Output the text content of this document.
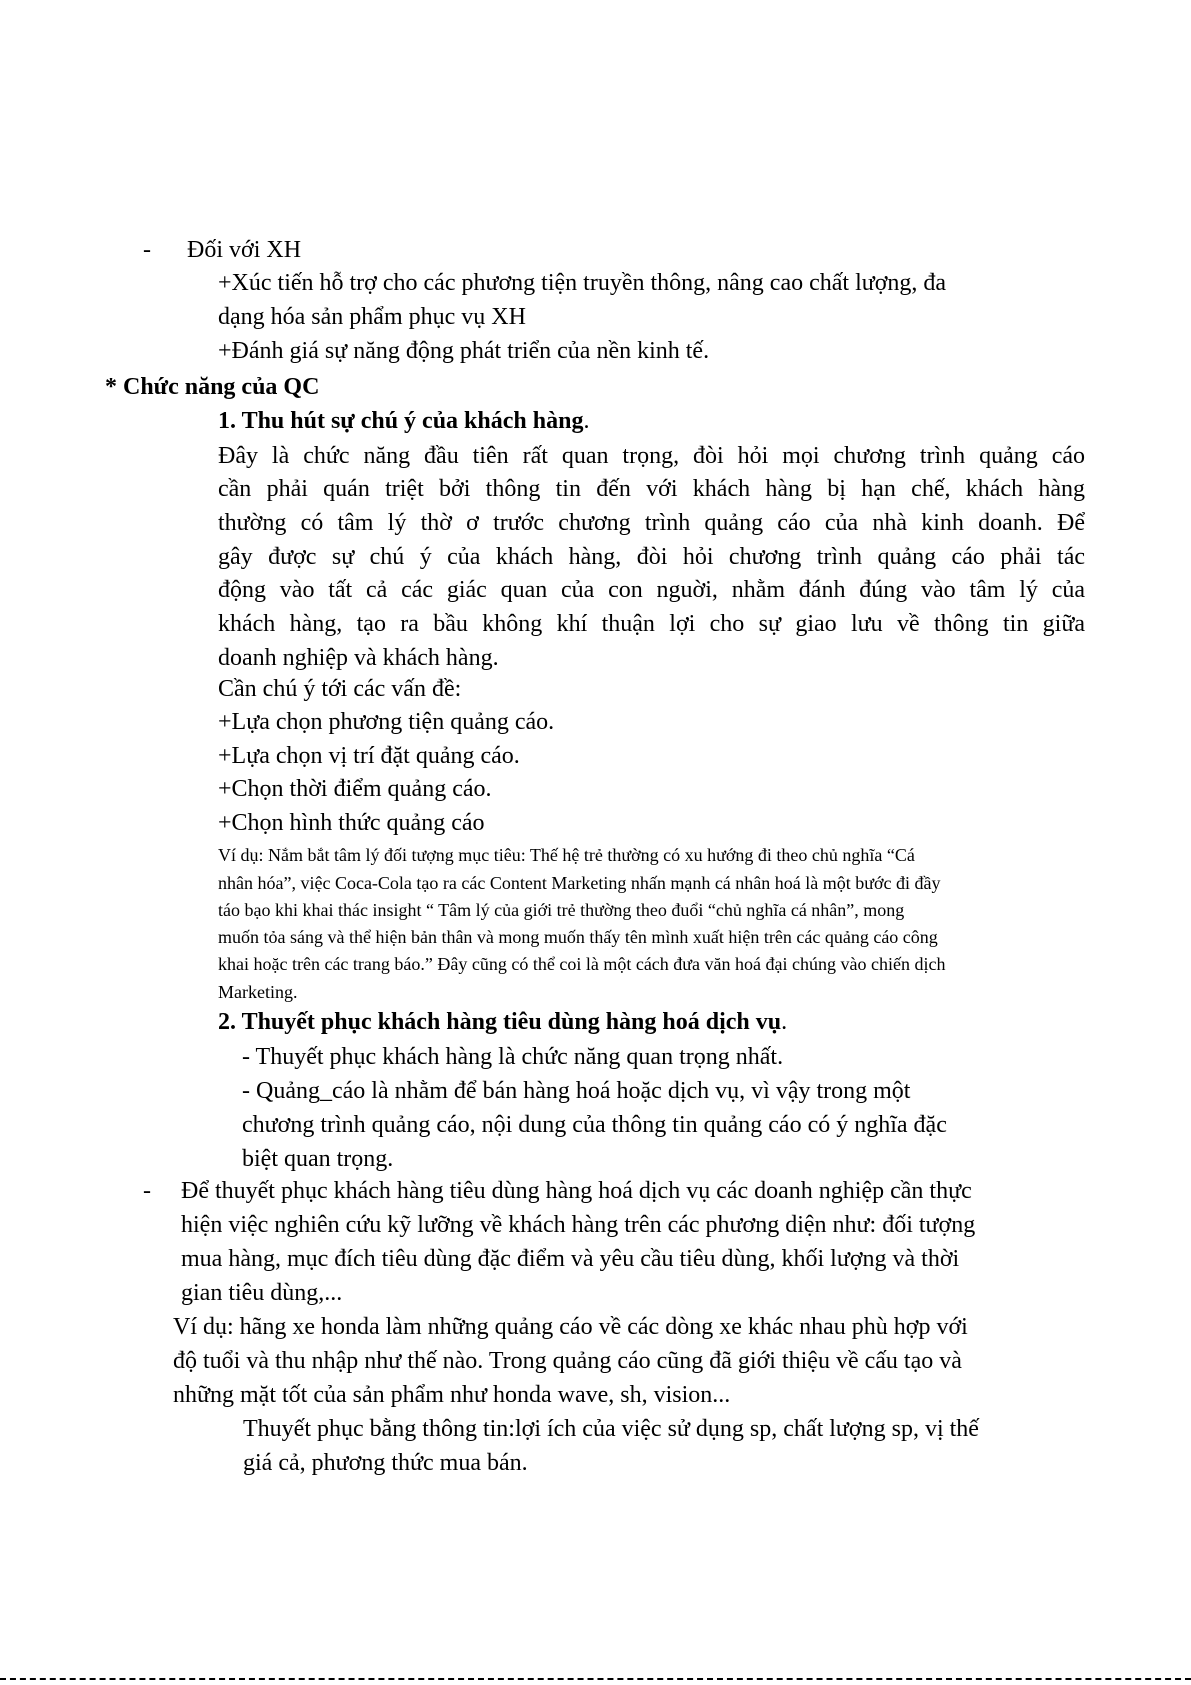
- Đối với XH
+Xúc tiến hỗ trợ cho các phương tiện truyền thông, nâng cao chất lượng, đa
dạng hóa sản phẩm phục vụ XH
+Đánh giá sự năng động phát triển của nền kinh tế.
* Chức năng của QC
1. Thu hút sự chú ý của khách hàng.
Đây là chức năng đầu tiên rất quan trọng, đòi hỏi mọi chương trình quảng cáo
cần phải quán triệt bởi thông tin đến với khách hàng bị hạn chế, khách hàng
thường có tâm lý thờ ơ trước chương trình quảng cáo của nhà kinh doanh. Để
gây được sự chú ý của khách hàng, đòi hỏi chương trình quảng cáo phải tác
động vào tất cả các giác quan của con nguời, nhằm đánh đúng vào tâm lý của
khách hàng, tạo ra bầu không khí thuận lợi cho sự giao lưu về thông tin giữa
doanh nghiệp và khách hàng.
Cần chú ý tới các vấn đề:
+Lựa chọn phương tiện quảng cáo.
+Lựa chọn vị trí đặt quảng cáo.
+Chọn thời điểm quảng cáo.
+Chọn hình thức quảng cáo
Ví dụ: Nắm bắt tâm lý đối tượng mục tiêu: Thế hệ trẻ thường có xu hướng đi theo chủ nghĩa “Cá
nhân hóa”, việc Coca-Cola tạo ra các Content Marketing nhấn mạnh cá nhân hoá là một bước đi đầy
táo bạo khi khai thác insight “ Tâm lý của giới trẻ thường theo đuổi “chủ nghĩa cá nhân”, mong
muốn tỏa sáng và thể hiện bản thân và mong muốn thấy tên mình xuất hiện trên các quảng cáo công
khai hoặc trên các trang báo.” Đây cũng có thể coi là một cách đưa văn hoá đại chúng vào chiến dịch
Marketing.
2. Thuyết phục khách hàng tiêu dùng hàng hoá dịch vụ.
- Thuyết phục khách hàng là chức năng quan trọng nhất.
- Quảng_cáo là nhằm để bán hàng hoá hoặc dịch vụ, vì vậy trong một
chương trình quảng cáo, nội dung của thông tin quảng cáo có ý nghĩa đặc
biệt quan trọng.
- Để thuyết phục khách hàng tiêu dùng hàng hoá dịch vụ các doanh nghiệp cần thực
hiện việc nghiên cứu kỹ lưỡng về khách hàng trên các phương diện như: đối tượng
mua hàng, mục đích tiêu dùng đặc điểm và yêu cầu tiêu dùng, khối lượng và thời
gian tiêu dùng,...
Ví dụ: hãng xe honda làm những quảng cáo về các dòng xe khác nhau phù hợp với
độ tuổi và thu nhập như thế nào. Trong quảng cáo cũng đã giới thiệu về cấu tạo và
những mặt tốt của sản phẩm như honda wave, sh, vision...
Thuyết phục bằng thông tin:lợi ích của việc sử dụng sp, chất lượng sp, vị thế
giá cả, phương thức mua bán.
